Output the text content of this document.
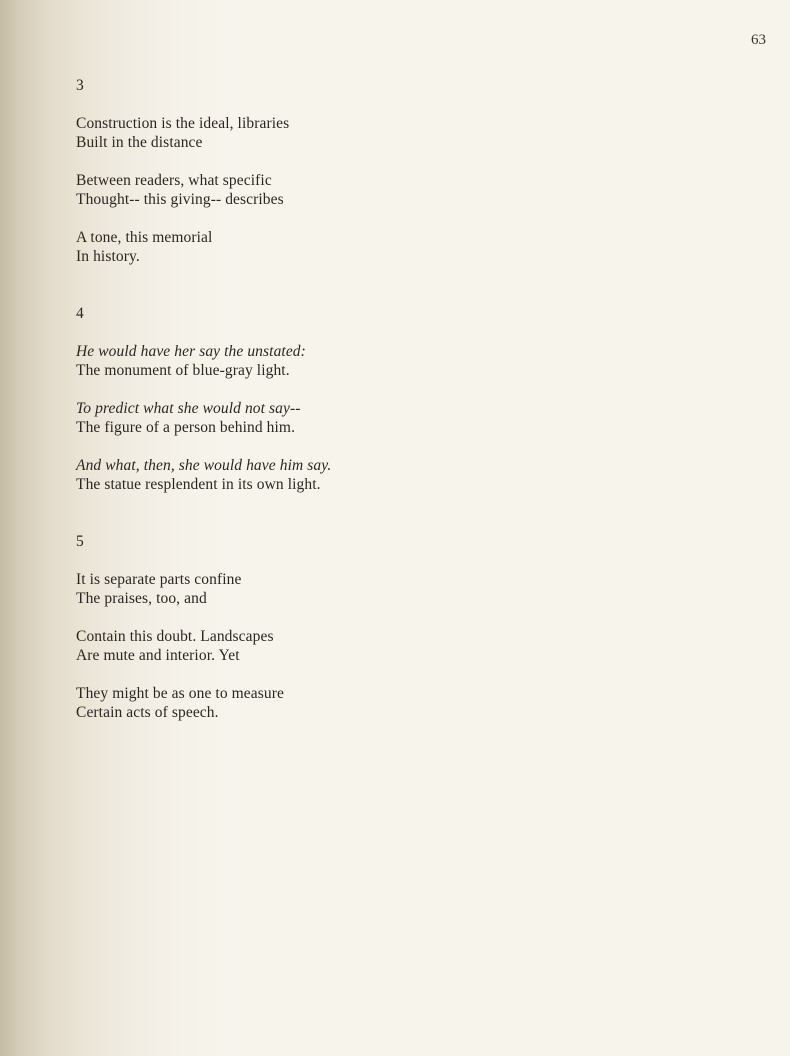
63
3
Construction is the ideal, libraries
Built in the distance
Between readers, what specific
Thought-- this giving-- describes
A tone, this memorial
In history.
4
He would have her say the unstated:
The monument of blue-gray light.
To predict what she would not say--
The figure of a person behind him.
And what, then, she would have him say.
The statue resplendent in its own light.
5
It is separate parts confine
The praises, too, and
Contain this doubt. Landscapes
Are mute and interior. Yet
They might be as one to measure
Certain acts of speech.
